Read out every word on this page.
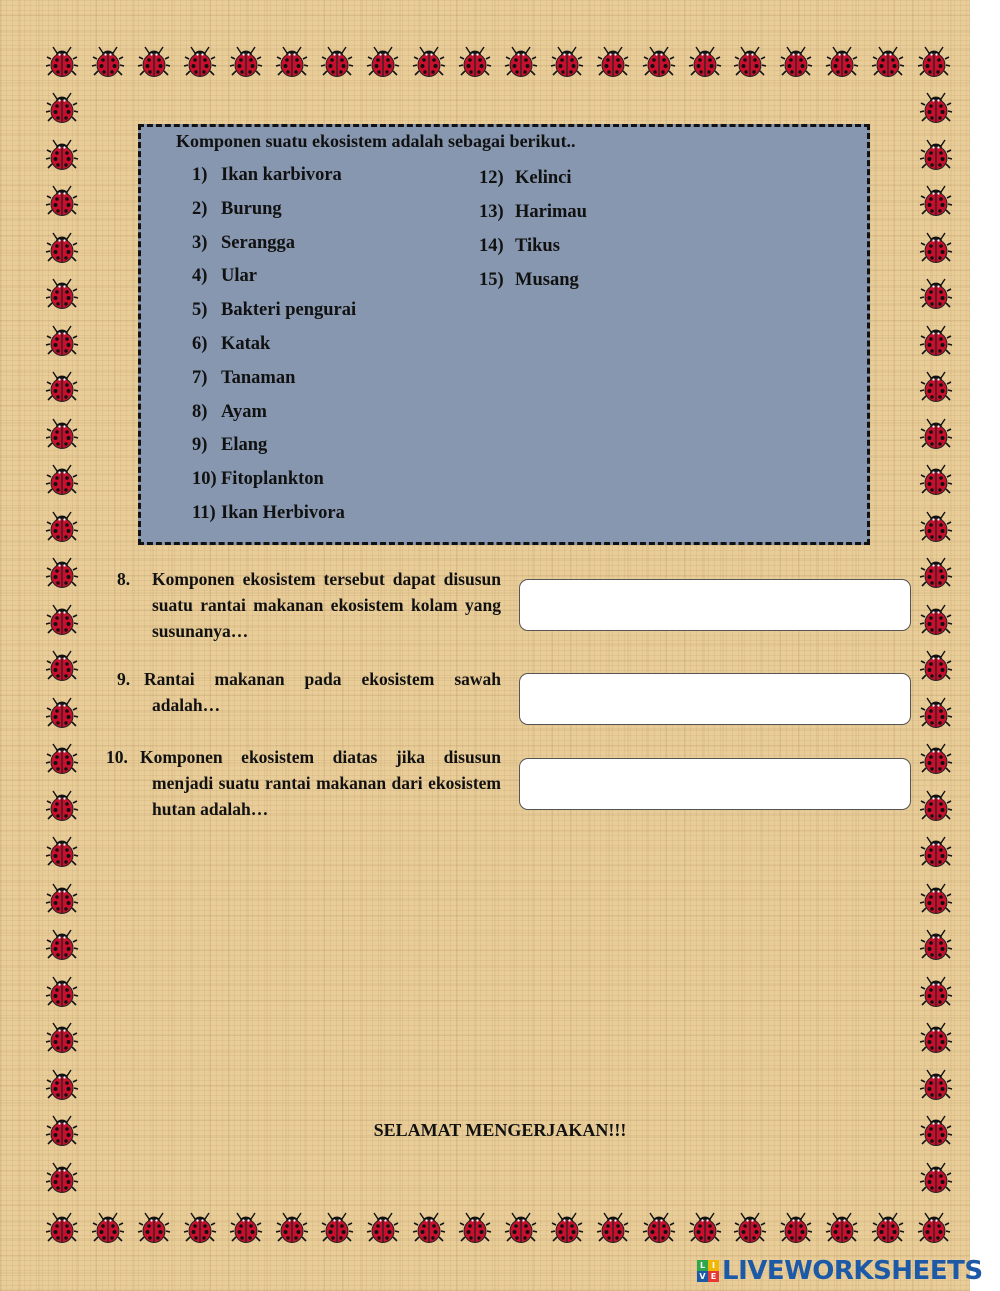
Komponen suatu ekosistem adalah sebagai berikut..
1) Ikan karbivora
2) Burung
3) Serangga
4) Ular
5) Bakteri pengurai
6) Katak
7) Tanaman
8) Ayam
9) Elang
10) Fitoplankton
11) Ikan Herbivora
12) Kelinci
13) Harimau
14) Tikus
15) Musang
8. Komponen ekosistem tersebut dapat disusun suatu rantai makanan ekosistem kolam yang susunanya…
9. Rantai makanan pada ekosistem sawah adalah…
10. Komponen ekosistem diatas jika disusun menjadi suatu rantai makanan dari ekosistem hutan adalah…
SELAMAT MENGERJAKAN!!!
L I
V E LIVEWORKSHEETS
